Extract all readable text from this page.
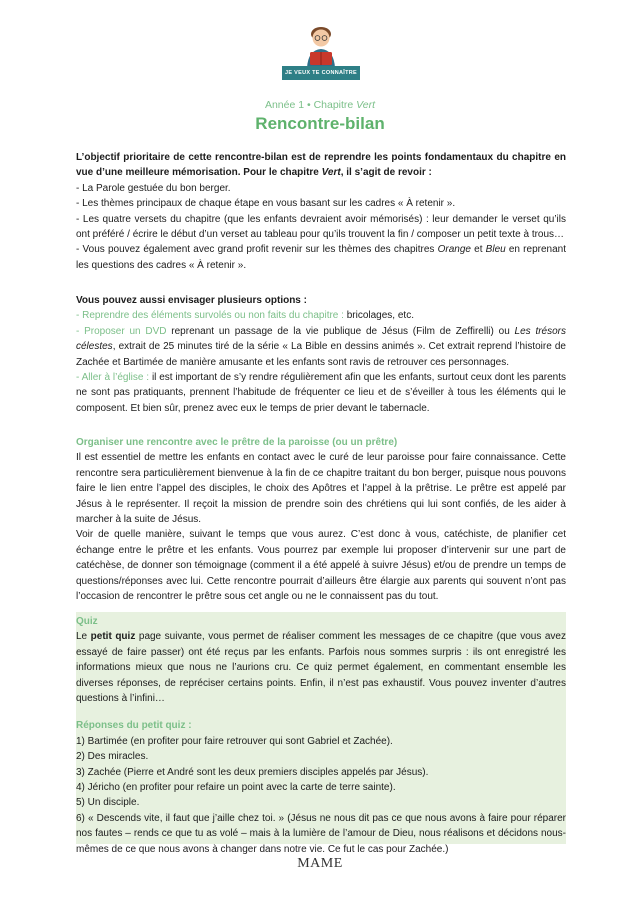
JE VEUX TE CONNAÎTRE
Année 1 • Chapitre Vert
Rencontre-bilan

L’objectif prioritaire de cette rencontre-bilan est de reprendre les points fondamentaux du chapitre en vue d’une meilleure mémorisation. Pour le chapitre Vert, il s’agit de revoir :

- La Parole gestuée du bon berger.

- Les thèmes principaux de chaque étape en vous basant sur les cadres « À retenir ».

- Les quatre versets du chapitre (que les enfants devraient avoir mémorisés) : leur demander le verset qu’ils ont préféré / écrire le début d’un verset au tableau pour qu’ils trouvent la fin / composer un petit texte à trous…

- Vous pouvez également avec grand profit revenir sur les thèmes des chapitres Orange et Bleu en reprenant les questions des cadres « À retenir ».

Vous pouvez aussi envisager plusieurs options :

- Reprendre des éléments survolés ou non faits du chapitre : bricolages, etc.

- Proposer un DVD reprenant un passage de la vie publique de Jésus (Film de Zeffirelli) ou Les trésors célestes, extrait de 25 minutes tiré de la série « La Bible en dessins animés ». Cet extrait reprend l’histoire de Zachée et Bartimée de manière amusante et les enfants sont ravis de retrouver ces personnages.

- Aller à l’église : il est important de s’y rendre régulièrement afin que les enfants, surtout ceux dont les parents ne sont pas pratiquants, prennent l’habitude de fréquenter ce lieu et de s’éveiller à tous les éléments qui le composent. Et bien sûr, prenez avec eux le temps de prier devant le tabernacle.

Organiser une rencontre avec le prêtre de la paroisse (ou un prêtre)

Il est essentiel de mettre les enfants en contact avec le curé de leur paroisse pour faire connaissance. Cette rencontre sera particulièrement bienvenue à la fin de ce chapitre traitant du bon berger, puisque nous pouvons faire le lien entre l’appel des disciples, le choix des Apôtres et l’appel à la prêtrise. Le prêtre est appelé par Jésus à le représenter. Il reçoit la mission de prendre soin des chrétiens qui lui sont confiés, de les aider à marcher à la suite de Jésus.

Voir de quelle manière, suivant le temps que vous aurez. C’est donc à vous, catéchiste, de planifier cet échange entre le prêtre et les enfants. Vous pourrez par exemple lui proposer d’intervenir sur une part de catéchèse, de donner son témoignage (comment il a été appelé à suivre Jésus) et/ou de prendre un temps de questions/réponses avec lui. Cette rencontre pourrait d’ailleurs être élargie aux parents qui souvent n’ont pas l’occasion de rencontrer le prêtre sous cet angle ou ne le connaissent pas du tout.

Quiz

Le petit quiz page suivante, vous permet de réaliser comment les messages de ce chapitre (que vous avez essayé de faire passer) ont été reçus par les enfants. Parfois nous sommes surpris : ils ont enregistré les informations mieux que nous ne l’aurions cru. Ce quiz permet également, en commentant ensemble les diverses réponses, de repréciser certains points. Enfin, il n’est pas exhaustif. Vous pouvez inventer d’autres questions à l’infini…

Réponses du petit quiz :

1) Bartimée (en profiter pour faire retrouver qui sont Gabriel et Zachée).

2) Des miracles.

3) Zachée (Pierre et André sont les deux premiers disciples appelés par Jésus).

4) Jéricho (en profiter pour refaire un point avec la carte de terre sainte).

5) Un disciple.

6) « Descends vite, il faut que j’aille chez toi. » (Jésus ne nous dit pas ce que nous avons à faire pour réparer nos fautes – rends ce que tu as volé – mais à la lumière de l’amour de Dieu, nous réalisons et décidons nous-mêmes de ce que nous avons à changer dans notre vie. Ce fut le cas pour Zachée.)

MAME
